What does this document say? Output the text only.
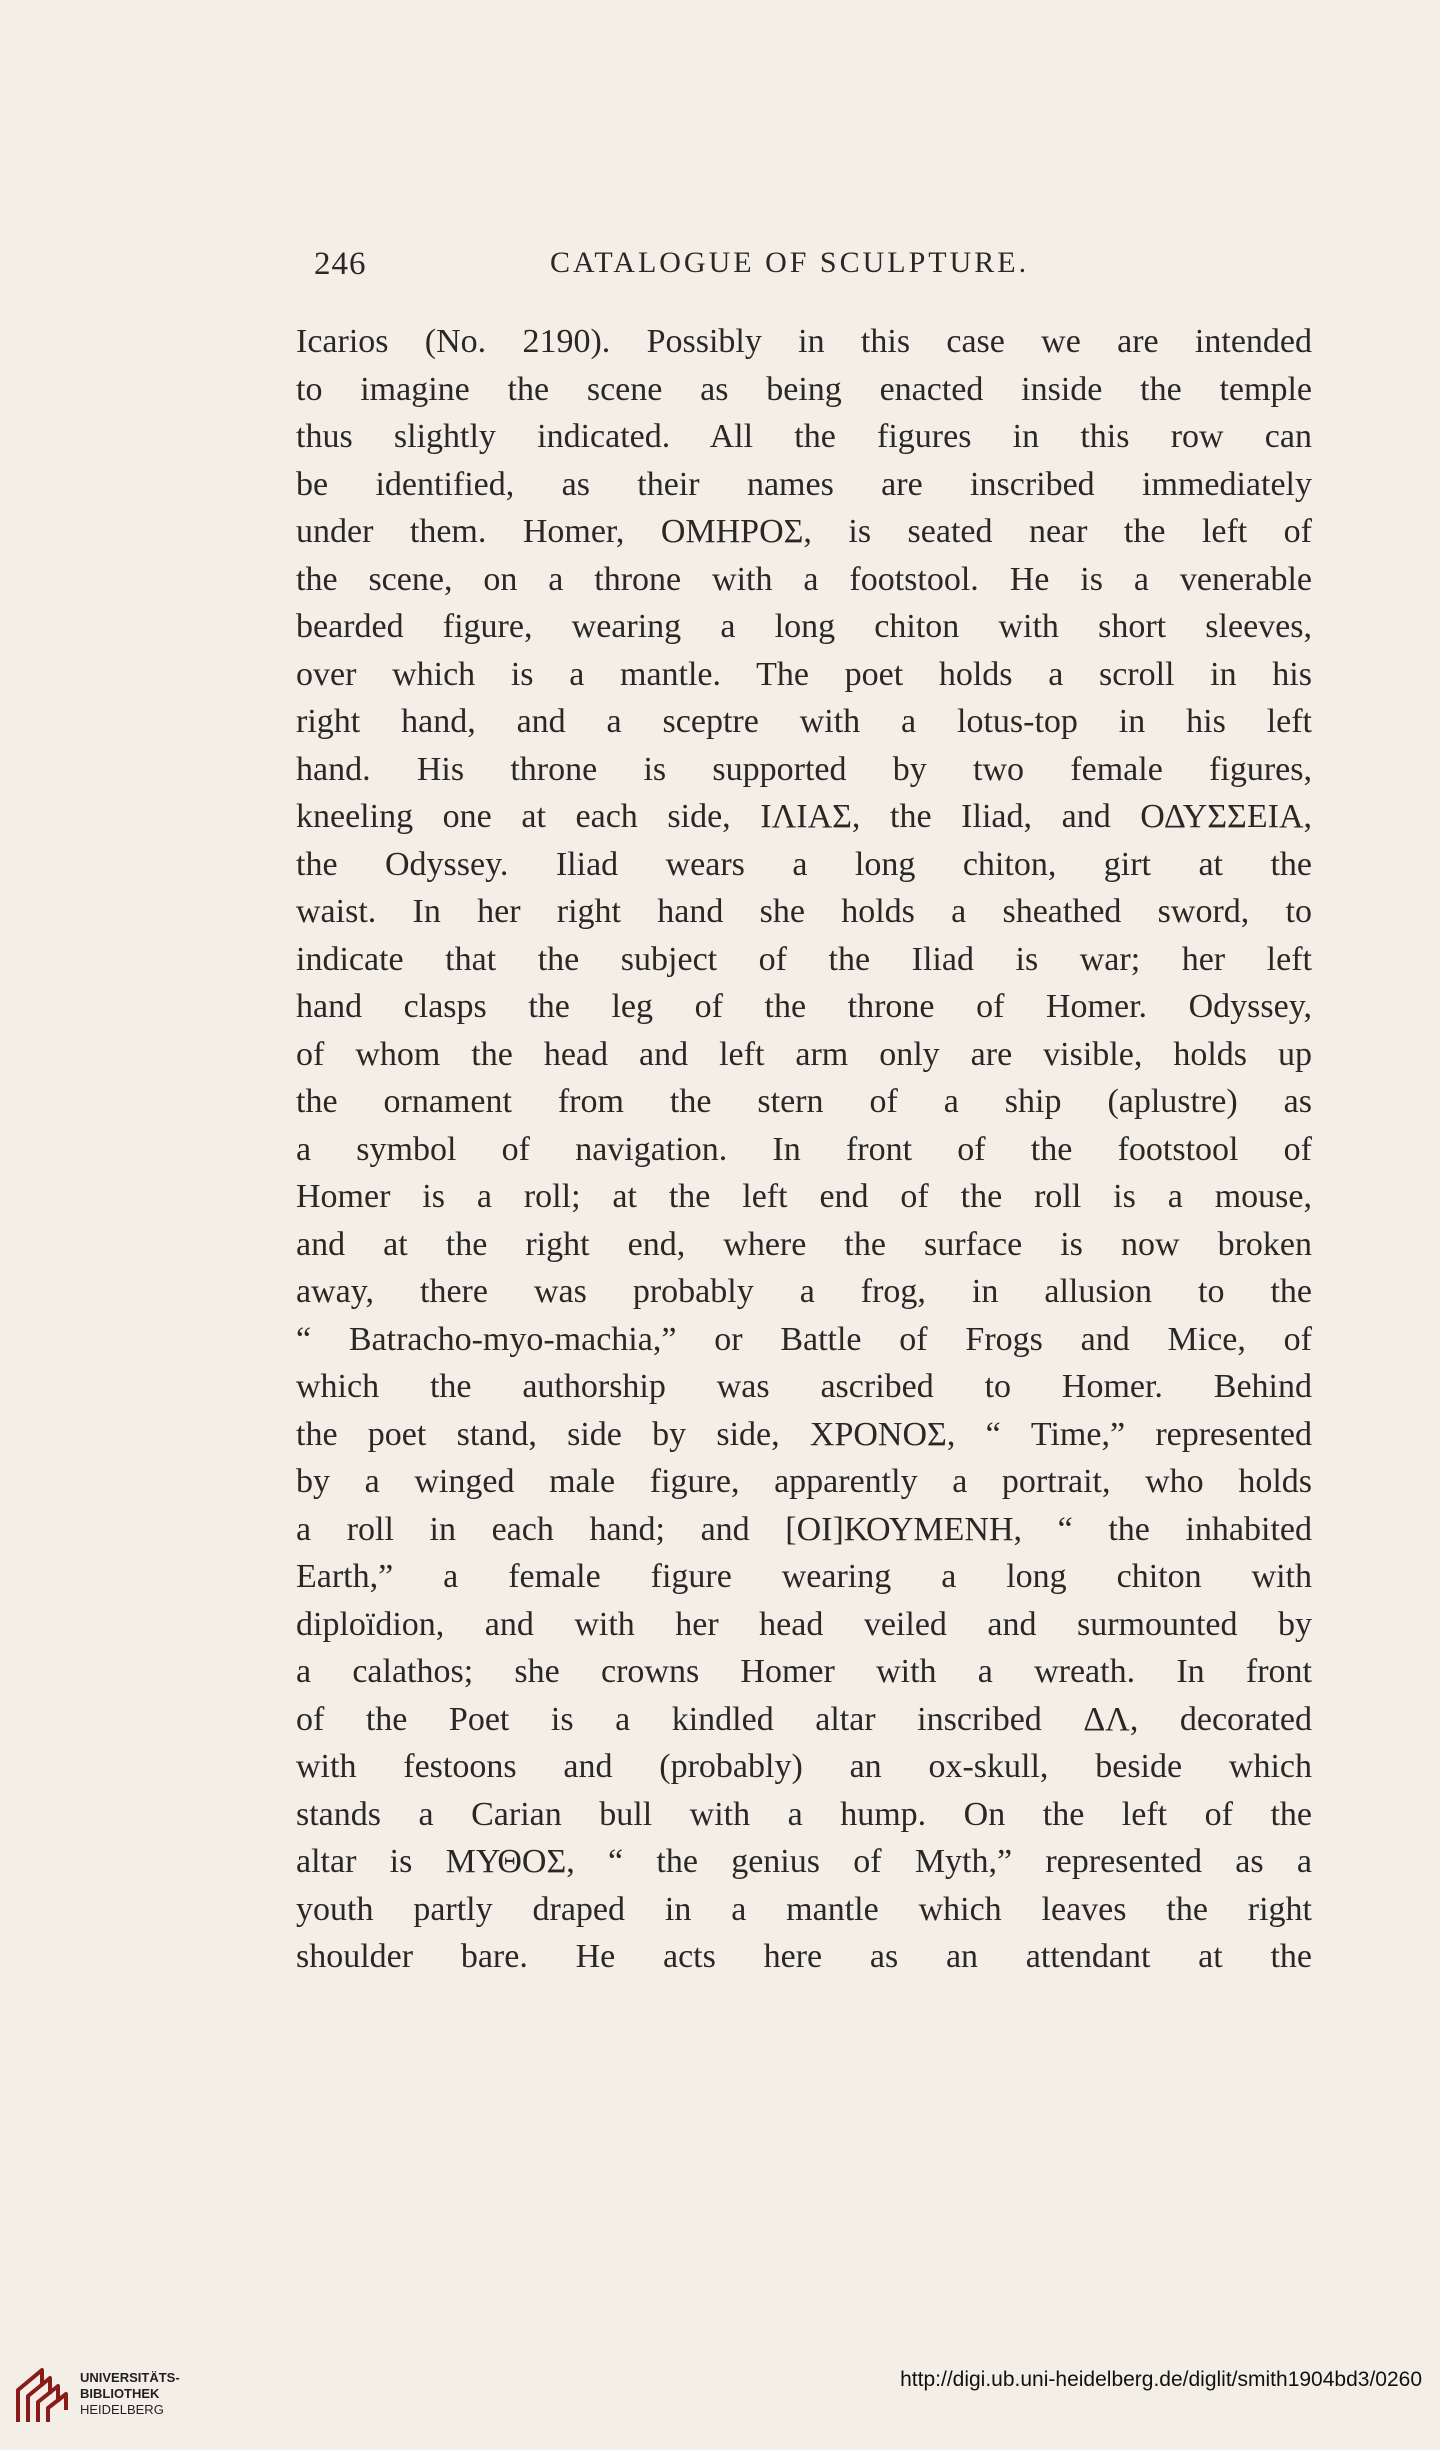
246	CATALOGUE OF SCULPTURE.
Icarios (No. 2190). Possibly in this case we are intended
to imagine the scene as being enacted inside the temple
thus slightly indicated. All the figures in this row can
be identified, as their names are inscribed immediately
under them. Homer, ΟΜΗΡΟΣ, is seated near the left of
the scene, on a throne with a footstool. He is a venerable
bearded figure, wearing a long chiton with short sleeves,
over which is a mantle. The poet holds a scroll in his
right hand, and a sceptre with a lotus-top in his left
hand. His throne is supported by two female figures,
kneeling one at each side, ΙΛΙΑΣ, the Iliad, and ΟΔΥΣΣΕΙΑ,
the Odyssey. Iliad wears a long chiton, girt at the
waist. In her right hand she holds a sheathed sword, to
indicate that the subject of the Iliad is war; her left
hand clasps the leg of the throne of Homer. Odyssey,
of whom the head and left arm only are visible, holds up
the ornament from the stern of a ship (aplustre) as
a symbol of navigation. In front of the footstool of
Homer is a roll; at the left end of the roll is a mouse,
and at the right end, where the surface is now broken
away, there was probably a frog, in allusion to the
“ Batracho-myo-machia,” or Battle of Frogs and Mice, of
which the authorship was ascribed to Homer. Behind
the poet stand, side by side, ΧΡΟΝΟΣ, “ Time,” represented
by a winged male figure, apparently a portrait, who holds
a roll in each hand; and [ΟΙ]ΚΟΥΜΕΝΗ, “ the inhabited
Earth,” a female figure wearing a long chiton with
diploïdion, and with her head veiled and surmounted by
a calathos; she crowns Homer with a wreath. In front
of the Poet is a kindled altar inscribed ΔΛ, decorated
with festoons and (probably) an ox-skull, beside which
stands a Carian bull with a hump. On the left of the
altar is ΜΥΘΟΣ, “ the genius of Myth,” represented as a
youth partly draped in a mantle which leaves the right
shoulder bare. He acts here as an attendant at the
UNIVERSITÄTS-
BIBLIOTHEK
HEIDELBERG
http://digi.ub.uni-heidelberg.de/diglit/smith1904bd3/0260
